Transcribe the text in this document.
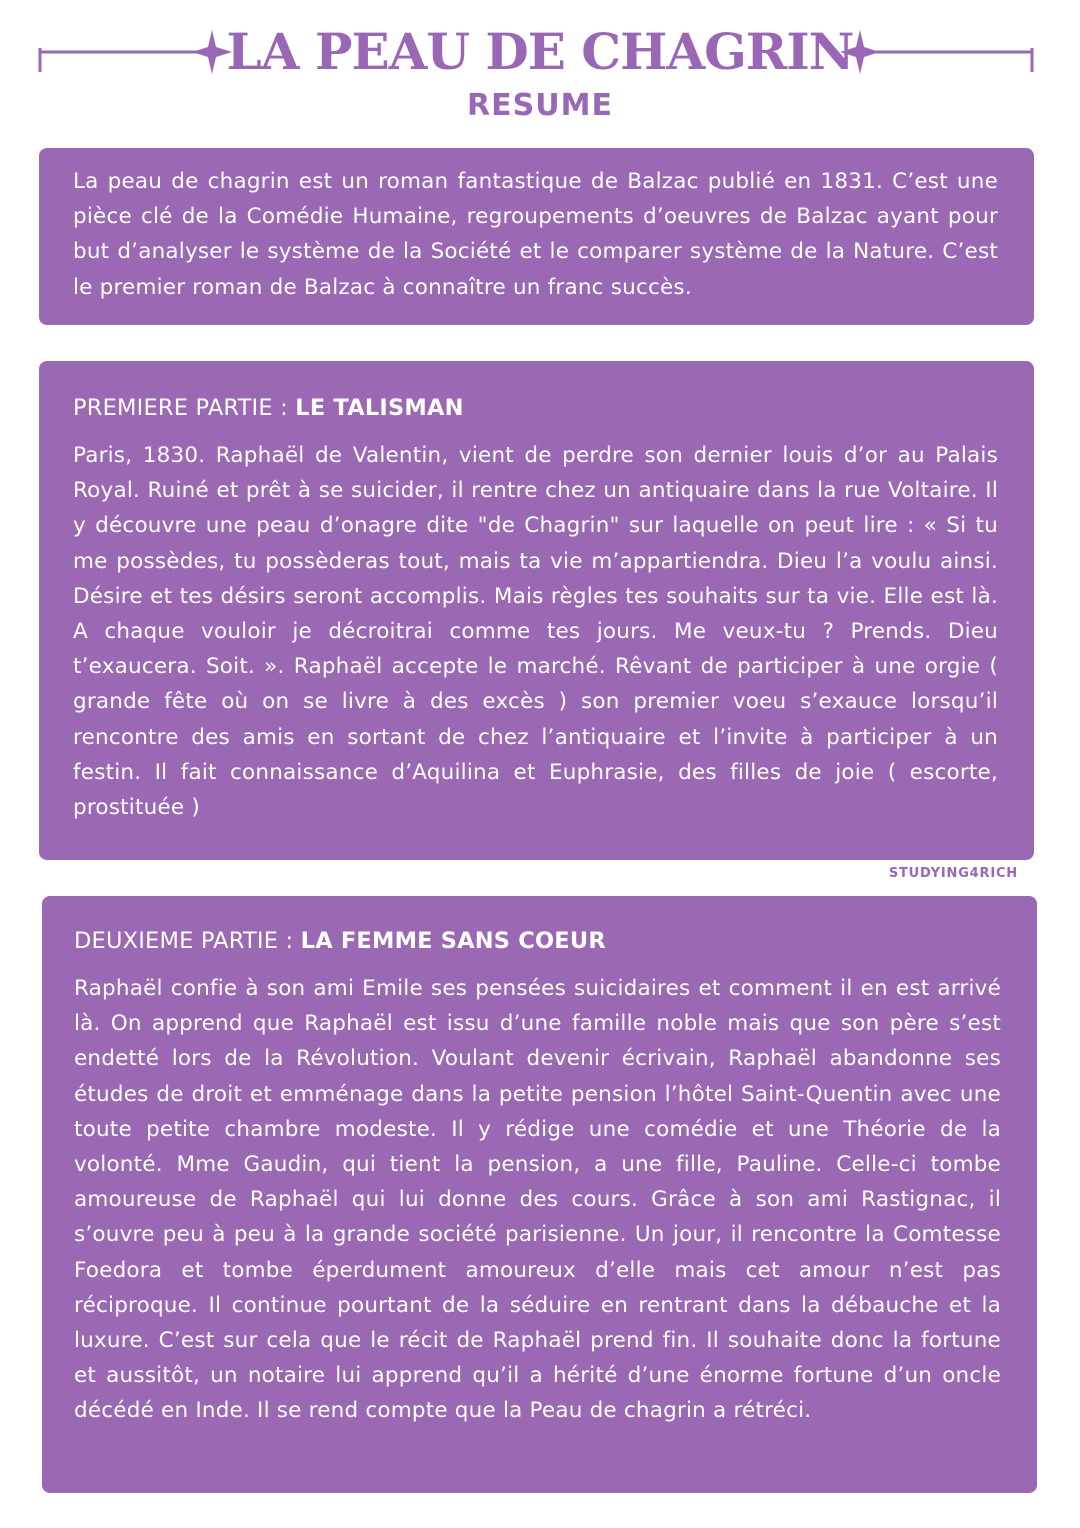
LA PEAU DE CHAGRIN
RESUME

La peau de chagrin est un roman fantastique de Balzac publié en 1831. C’est une pièce clé de la Comédie Humaine, regroupements d’oeuvres de Balzac ayant pour but d’analyser le système de la Société et le comparer système de la Nature. C’est le premier roman de Balzac à connaître un franc succès.

PREMIERE PARTIE : LE TALISMAN

Paris, 1830. Raphaël de Valentin, vient de perdre son dernier louis d’or au Palais Royal. Ruiné et prêt à se suicider, il rentre chez un antiquaire dans la rue Voltaire. Il y découvre une peau d’onagre dite "de Chagrin" sur laquelle on peut lire : « Si tu me possèdes, tu possèderas tout, mais ta vie m’appartiendra. Dieu l’a voulu ainsi. Désire et tes désirs seront accomplis. Mais règles tes souhaits sur ta vie. Elle est là. A chaque vouloir je décroitrai comme tes jours. Me veux-tu ? Prends. Dieu t’exaucera. Soit. ». Raphaël accepte le marché. Rêvant de participer à une orgie ( grande fête où on se livre à des excès ) son premier voeu s’exauce lorsqu’il rencontre des amis en sortant de chez l’antiquaire et l’invite à participer à un festin. Il fait connaissance d’Aquilina et Euphrasie, des filles de joie ( escorte, prostituée )

STUDYING4RICH

DEUXIEME PARTIE : LA FEMME SANS COEUR

Raphaël confie à son ami Emile ses pensées suicidaires et comment il en est arrivé là. On apprend que Raphaël est issu d’une famille noble mais que son père s’est endetté lors de la Révolution. Voulant devenir écrivain, Raphaël abandonne ses études de droit et emménage dans la petite pension l’hôtel Saint-Quentin avec une toute petite chambre modeste. Il y rédige une comédie et une Théorie de la volonté. Mme Gaudin, qui tient la pension, a une fille, Pauline. Celle-ci tombe amoureuse de Raphaël qui lui donne des cours. Grâce à son ami Rastignac, il s’ouvre peu à peu à la grande société parisienne. Un jour, il rencontre la Comtesse Foedora et tombe éperdument amoureux d’elle mais cet amour n’est pas réciproque. Il continue pourtant de la séduire en rentrant dans la débauche et la luxure. C’est sur cela que le récit de Raphaël prend fin. Il souhaite donc la fortune et aussitôt, un notaire lui apprend qu’il a hérité d’une énorme fortune d’un oncle décédé en Inde. Il se rend compte que la Peau de chagrin a rétréci.
